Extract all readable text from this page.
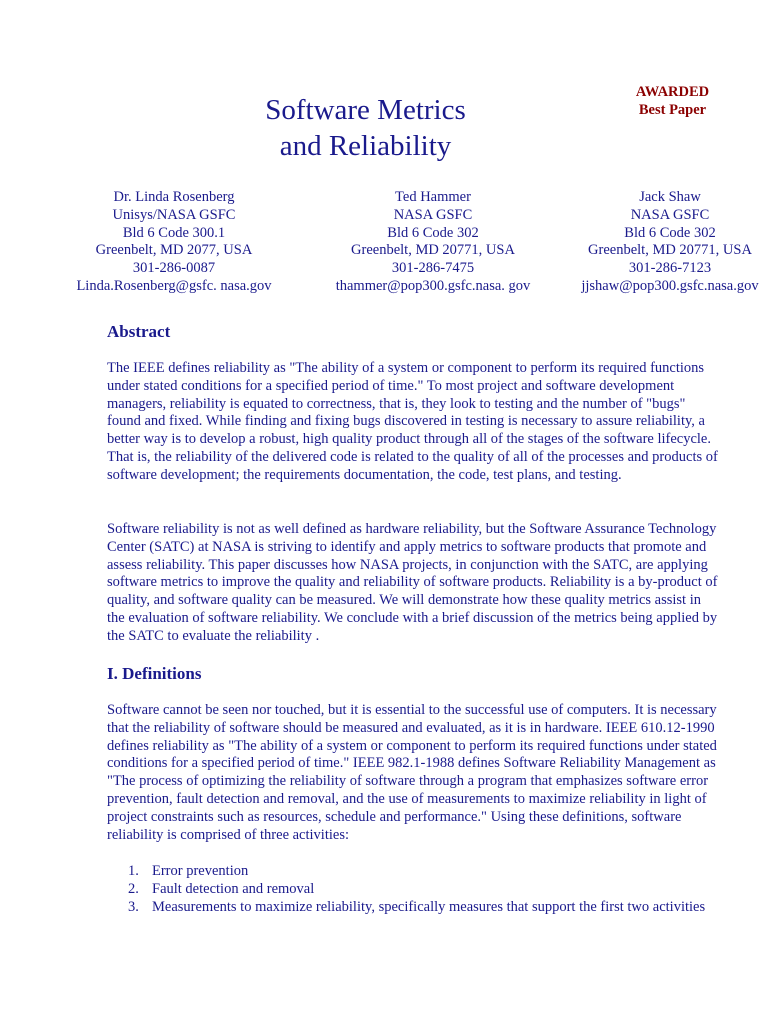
AWARDED
Best Paper
Software Metrics
and Reliability
Dr. Linda Rosenberg
Unisys/NASA GSFC
Bld 6 Code 300.1
Greenbelt, MD 2077, USA
301-286-0087
Linda.Rosenberg@gsfc. nasa.gov
Ted Hammer
NASA GSFC
Bld 6 Code 302
Greenbelt, MD 20771, USA
301-286-7475
thammer@pop300.gsfc.nasa. gov
Jack Shaw
NASA GSFC
Bld 6 Code 302
Greenbelt, MD 20771, USA
301-286-7123
jjshaw@pop300.gsfc.nasa.gov
Abstract

The IEEE defines reliability as "The ability of a system or component to perform its required functions under stated conditions for a specified period of time." To most project and software development managers, reliability is equated to correctness, that is, they look to testing and the number of "bugs" found and fixed. While finding and fixing bugs discovered in testing is necessary to assure reliability, a better way is to develop a robust, high quality product through all of the stages of the software lifecycle. That is, the reliability of the delivered code is related to the quality of all of the processes and products of software development; the requirements documentation, the code, test plans, and testing.

Software reliability is not as well defined as hardware reliability, but the Software Assurance Technology Center (SATC) at NASA is striving to identify and apply metrics to software products that promote and assess reliability. This paper discusses how NASA projects, in conjunction with the SATC, are applying software metrics to improve the quality and reliability of software products. Reliability is a by-product of quality, and software quality can be measured. We will demonstrate how these quality metrics assist in the evaluation of software reliability. We conclude with a brief discussion of the metrics being applied by the SATC to evaluate the reliability .

I. Definitions

Software cannot be seen nor touched, but it is essential to the successful use of computers. It is necessary that the reliability of software should be measured and evaluated, as it is in hardware. IEEE 610.12-1990 defines reliability as "The ability of a system or component to perform its required functions under stated conditions for a specified period of time." IEEE 982.1-1988 defines Software Reliability Management as "The process of optimizing the reliability of software through a program that emphasizes software error prevention, fault detection and removal, and the use of measurements to maximize reliability in light of project constraints such as resources, schedule and performance." Using these definitions, software reliability is comprised of three activities:

1. Error prevention
2. Fault detection and removal
3. Measurements to maximize reliability, specifically measures that support the first two activities
